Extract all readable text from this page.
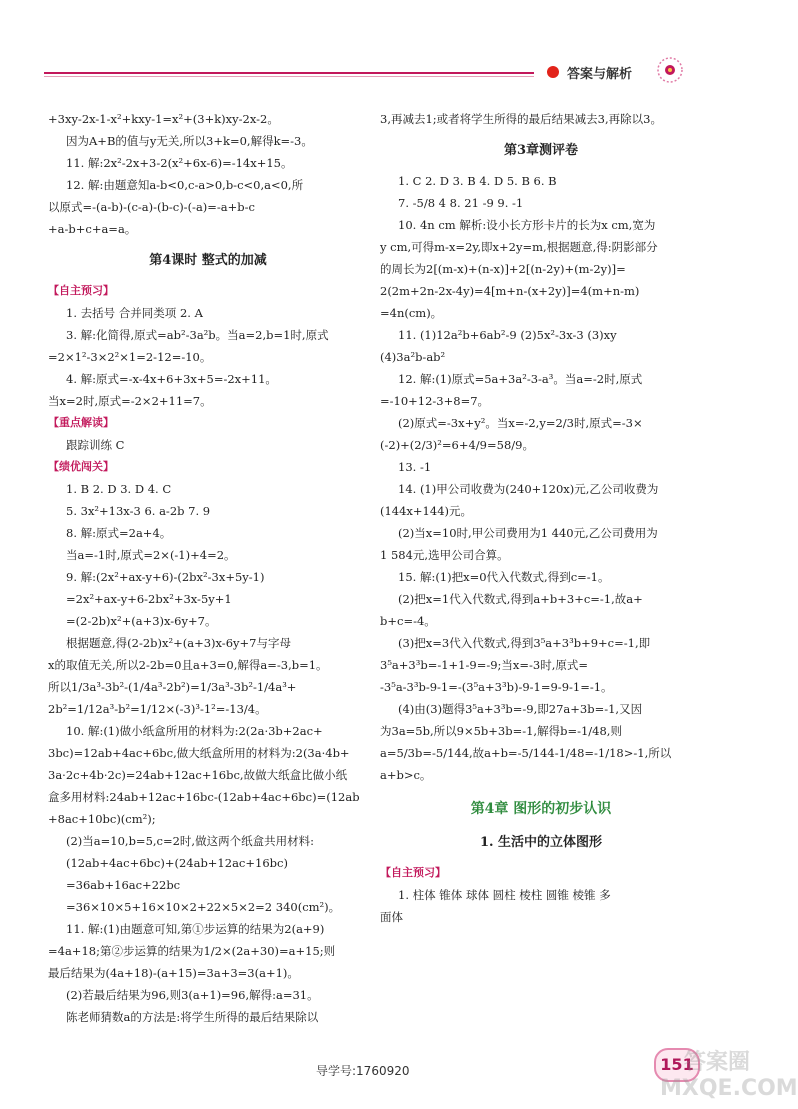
答案与解析

+3xy-2x-1-x²+kxy-1=x²+(3+k)xy-2x-2。

因为A+B的值与y无关,所以3+k=0,解得k=-3。

11. 解:2x²-2x+3-2(x²+6x-6)=-14x+15。

12. 解:由题意知a-b<0,c-a>0,b-c<0,a<0,所

以原式=-(a-b)-(c-a)-(b-c)-(-a)=-a+b-c

+a-b+c+a=a。

第4课时 整式的加减

【自主预习】

1. 去括号 合并同类项 2. A

3. 解:化简得,原式=ab²-3a²b。当a=2,b=1时,原式

=2×1²-3×2²×1=2-12=-10。

4. 解:原式=-x-4x+6+3x+5=-2x+11。

当x=2时,原式=-2×2+11=7。

【重点解读】

跟踪训练 C

【绩优闯关】

1. B 2. D 3. D 4. C

5. 3x²+13x-3 6. a-2b 7. 9

8. 解:原式=2a+4。

当a=-1时,原式=2×(-1)+4=2。

9. 解:(2x²+ax-y+6)-(2bx²-3x+5y-1)

=2x²+ax-y+6-2bx²+3x-5y+1

=(2-2b)x²+(a+3)x-6y+7。

根据题意,得(2-2b)x²+(a+3)x-6y+7与字母

x的取值无关,所以2-2b=0且a+3=0,解得a=-3,b=1。

所以1/3a³-3b²-(1/4a³-2b²)=1/3a³-3b²-1/4a³+

2b²=1/12a³-b²=1/12×(-3)³-1²=-13/4。

10. 解:(1)做小纸盒所用的材料为:2(2a·3b+2ac+

3bc)=12ab+4ac+6bc,做大纸盒所用的材料为:2(3a·4b+

3a·2c+4b·2c)=24ab+12ac+16bc,故做大纸盒比做小纸

盒多用材料:24ab+12ac+16bc-(12ab+4ac+6bc)=(12ab

+8ac+10bc)(cm²);

(2)当a=10,b=5,c=2时,做这两个纸盒共用材料:

(12ab+4ac+6bc)+(24ab+12ac+16bc)

=36ab+16ac+22bc

=36×10×5+16×10×2+22×5×2=2 340(cm²)。

11. 解:(1)由题意可知,第①步运算的结果为2(a+9)

=4a+18;第②步运算的结果为1/2×(2a+30)=a+15;则

最后结果为(4a+18)-(a+15)=3a+3=3(a+1)。

(2)若最后结果为96,则3(a+1)=96,解得:a=31。

陈老师猜数a的方法是:将学生所得的最后结果除以

3,再减去1;或者将学生所得的最后结果减去3,再除以3。

第3章测评卷

1. C 2. D 3. B 4. D 5. B 6. B

7. -5/8 4 8. 21 -9 9. -1

10. 4n cm 解析:设小长方形卡片的长为x cm,宽为

y cm,可得m-x=2y,即x+2y=m,根据题意,得:阴影部分

的周长为2[(m-x)+(n-x)]+2[(n-2y)+(m-2y)]=

2(2m+2n-2x-4y)=4[m+n-(x+2y)]=4(m+n-m)

=4n(cm)。

11. (1)12a²b+6ab²-9 (2)5x²-3x-3 (3)xy

(4)3a²b-ab²

12. 解:(1)原式=5a+3a²-3-a³。当a=-2时,原式

=-10+12-3+8=7。

(2)原式=-3x+y²。当x=-2,y=2/3时,原式=-3×

(-2)+(2/3)²=6+4/9=58/9。

13. -1

14. (1)甲公司收费为(240+120x)元,乙公司收费为

(144x+144)元。

(2)当x=10时,甲公司费用为1 440元,乙公司费用为

1 584元,选甲公司合算。

15. 解:(1)把x=0代入代数式,得到c=-1。

(2)把x=1代入代数式,得到a+b+3+c=-1,故a+

b+c=-4。

(3)把x=3代入代数式,得到3⁵a+3³b+9+c=-1,即

3⁵a+3³b=-1+1-9=-9;当x=-3时,原式=

-3⁵a-3³b-9-1=-(3⁵a+3³b)-9-1=9-9-1=-1。

(4)由(3)题得3⁵a+3³b=-9,即27a+3b=-1,又因

为3a=5b,所以9×5b+3b=-1,解得b=-1/48,则

a=5/3b=-5/144,故a+b=-5/144-1/48=-1/18>-1,所以

a+b>c。

第4章 图形的初步认识

1. 生活中的立体图形

【自主预习】

1. 柱体 锥体 球体 圆柱 棱柱 圆锥 棱锥 多

面体

导学号:1760920	151
答案圈 MXQE.COM
